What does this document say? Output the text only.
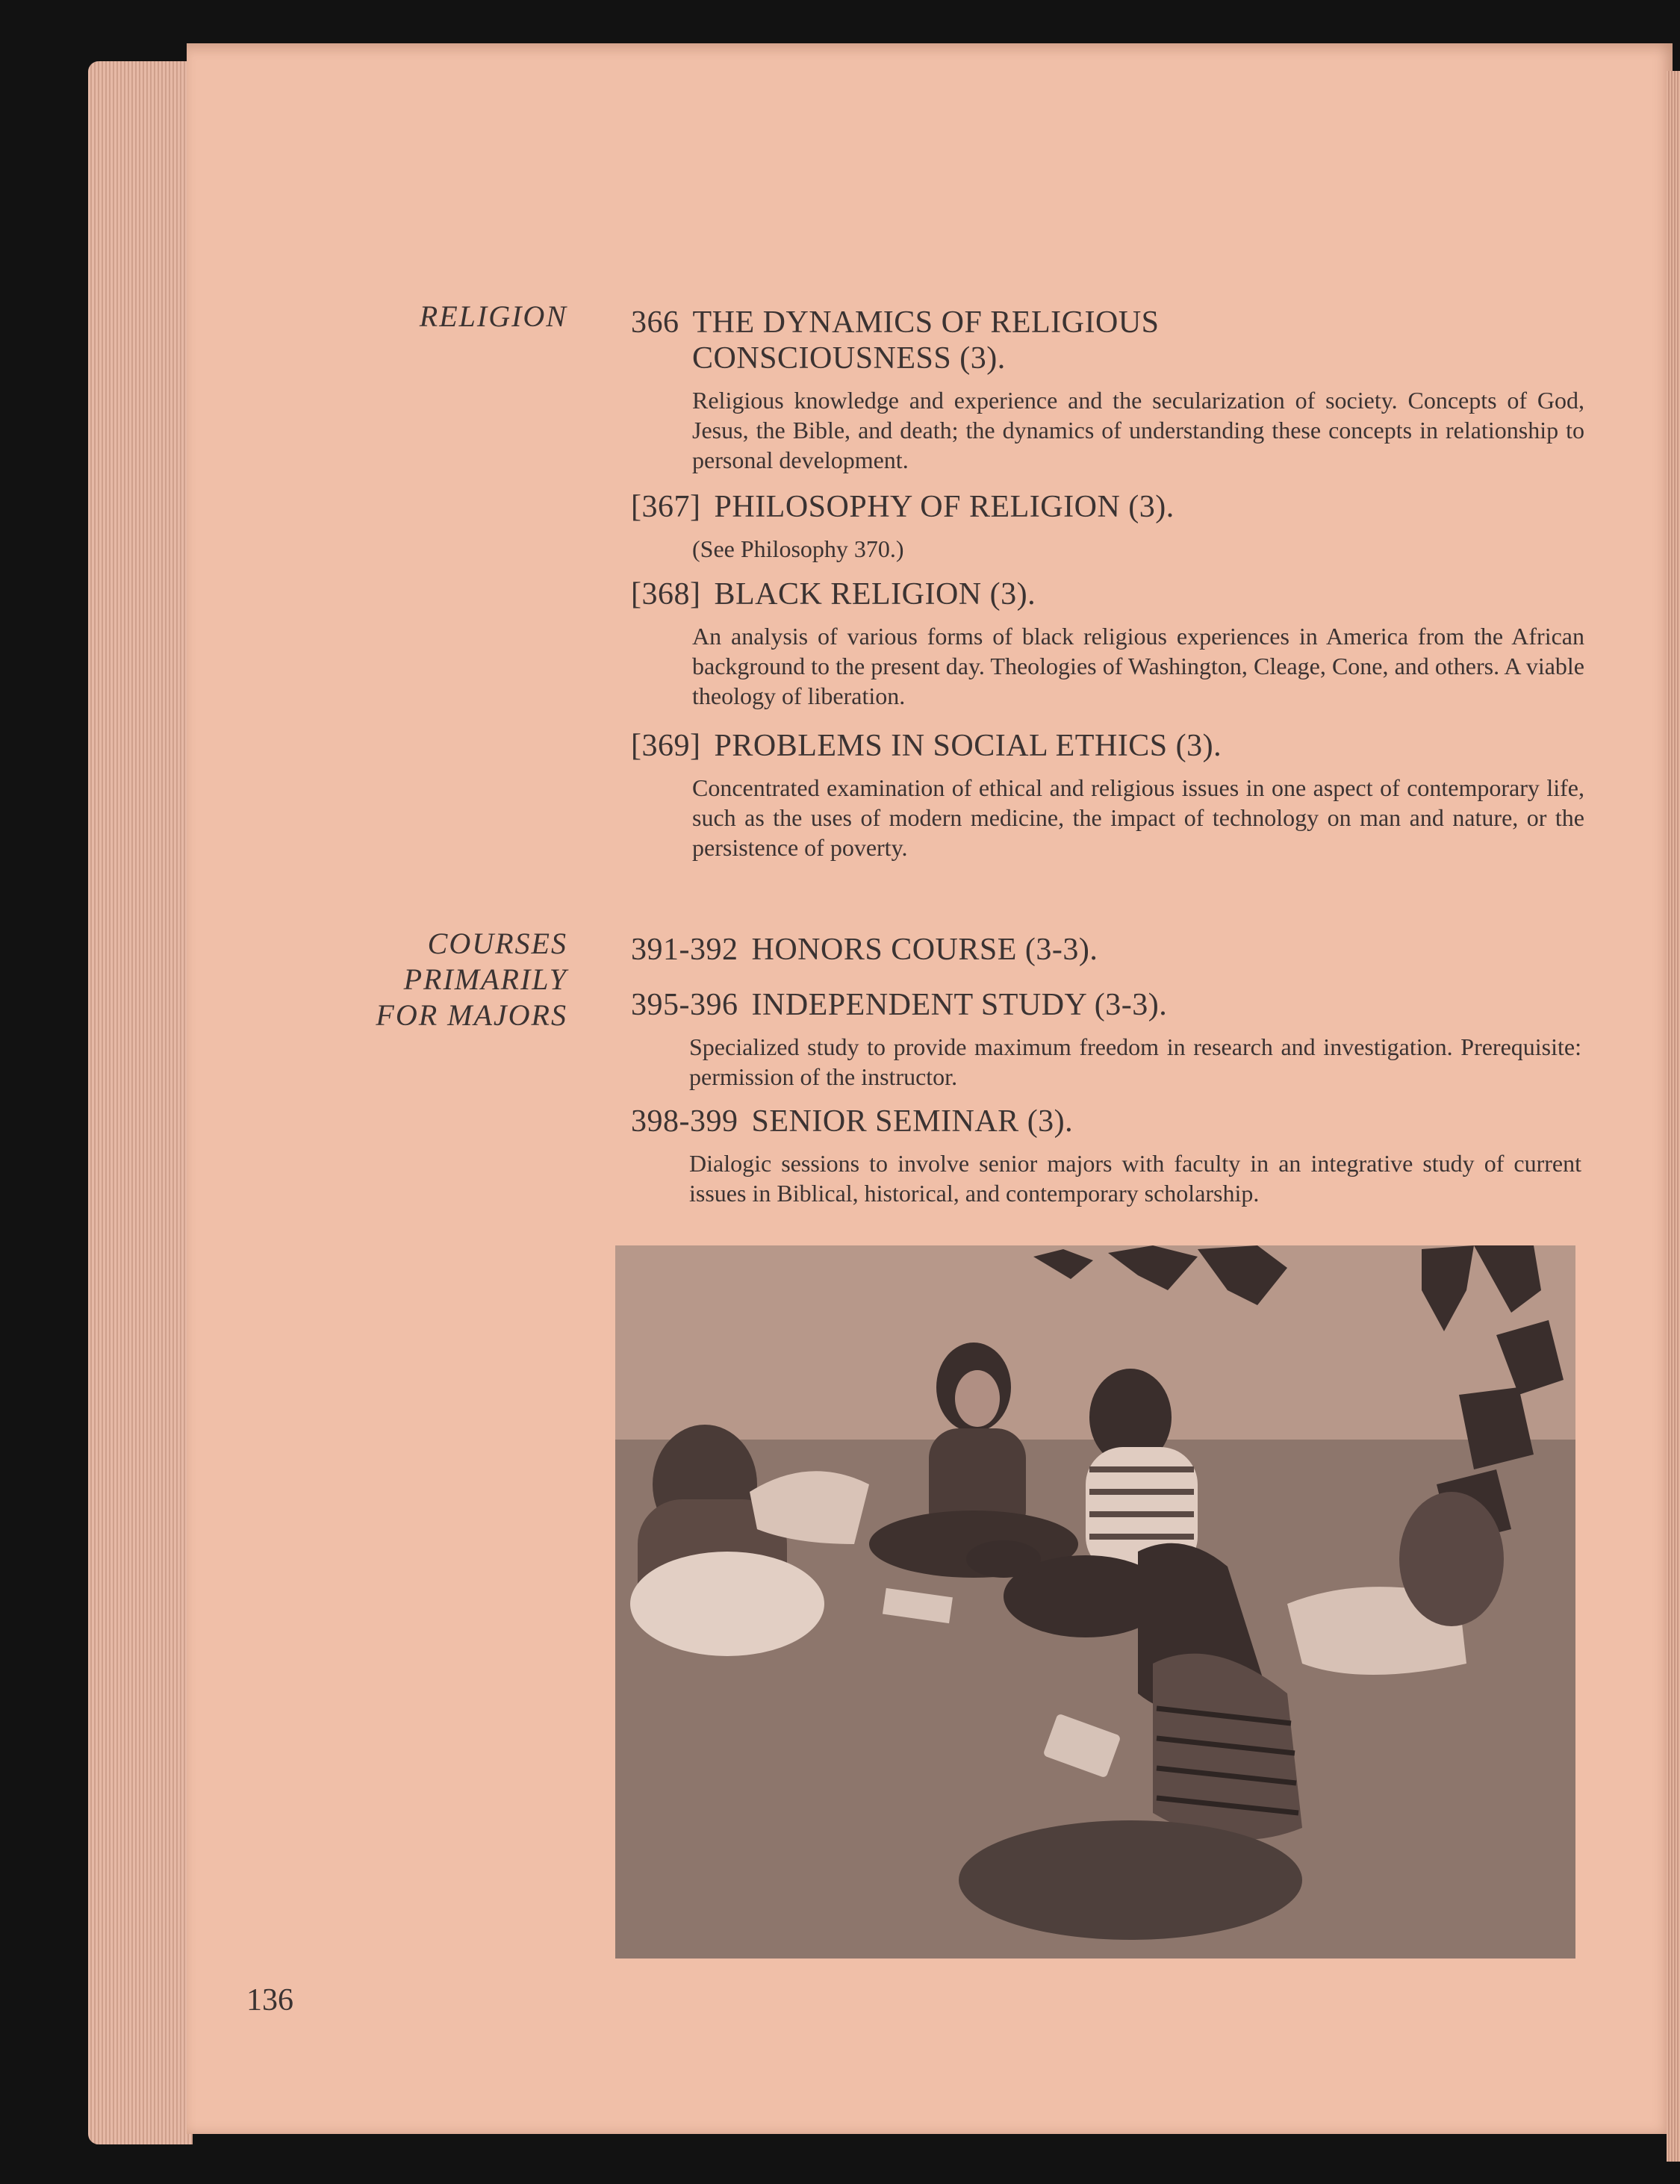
RELIGION 366 THE DYNAMICS OF RELIGIOUS
CONSCIOUSNESS (3).
Religious knowledge and experience and the secularization of society. Concepts of God, Jesus, the Bible, and death; the dynamics of understanding these concepts in relationship to personal development.
[367] PHILOSOPHY OF RELIGION (3).
(See Philosophy 370.)
[368] BLACK RELIGION (3).
An analysis of various forms of black religious experiences in America from the African background to the present day. Theologies of Washington, Cleage, Cone, and others. A viable theology of liberation.
[369] PROBLEMS IN SOCIAL ETHICS (3).
Concentrated examination of ethical and religious issues in one aspect of contemporary life, such as the uses of modern medicine, the impact of technology on man and nature, or the persistence of poverty.
COURSES
PRIMARILY
FOR MAJORS
391-392 HONORS COURSE (3-3).
395-396 INDEPENDENT STUDY (3-3).
Specialized study to provide maximum freedom in research and investigation. Prerequisite: permission of the instructor.
398-399 SENIOR SEMINAR (3).
Dialogic sessions to involve senior majors with faculty in an integrative study of current issues in Biblical, historical, and contemporary scholarship.
136
